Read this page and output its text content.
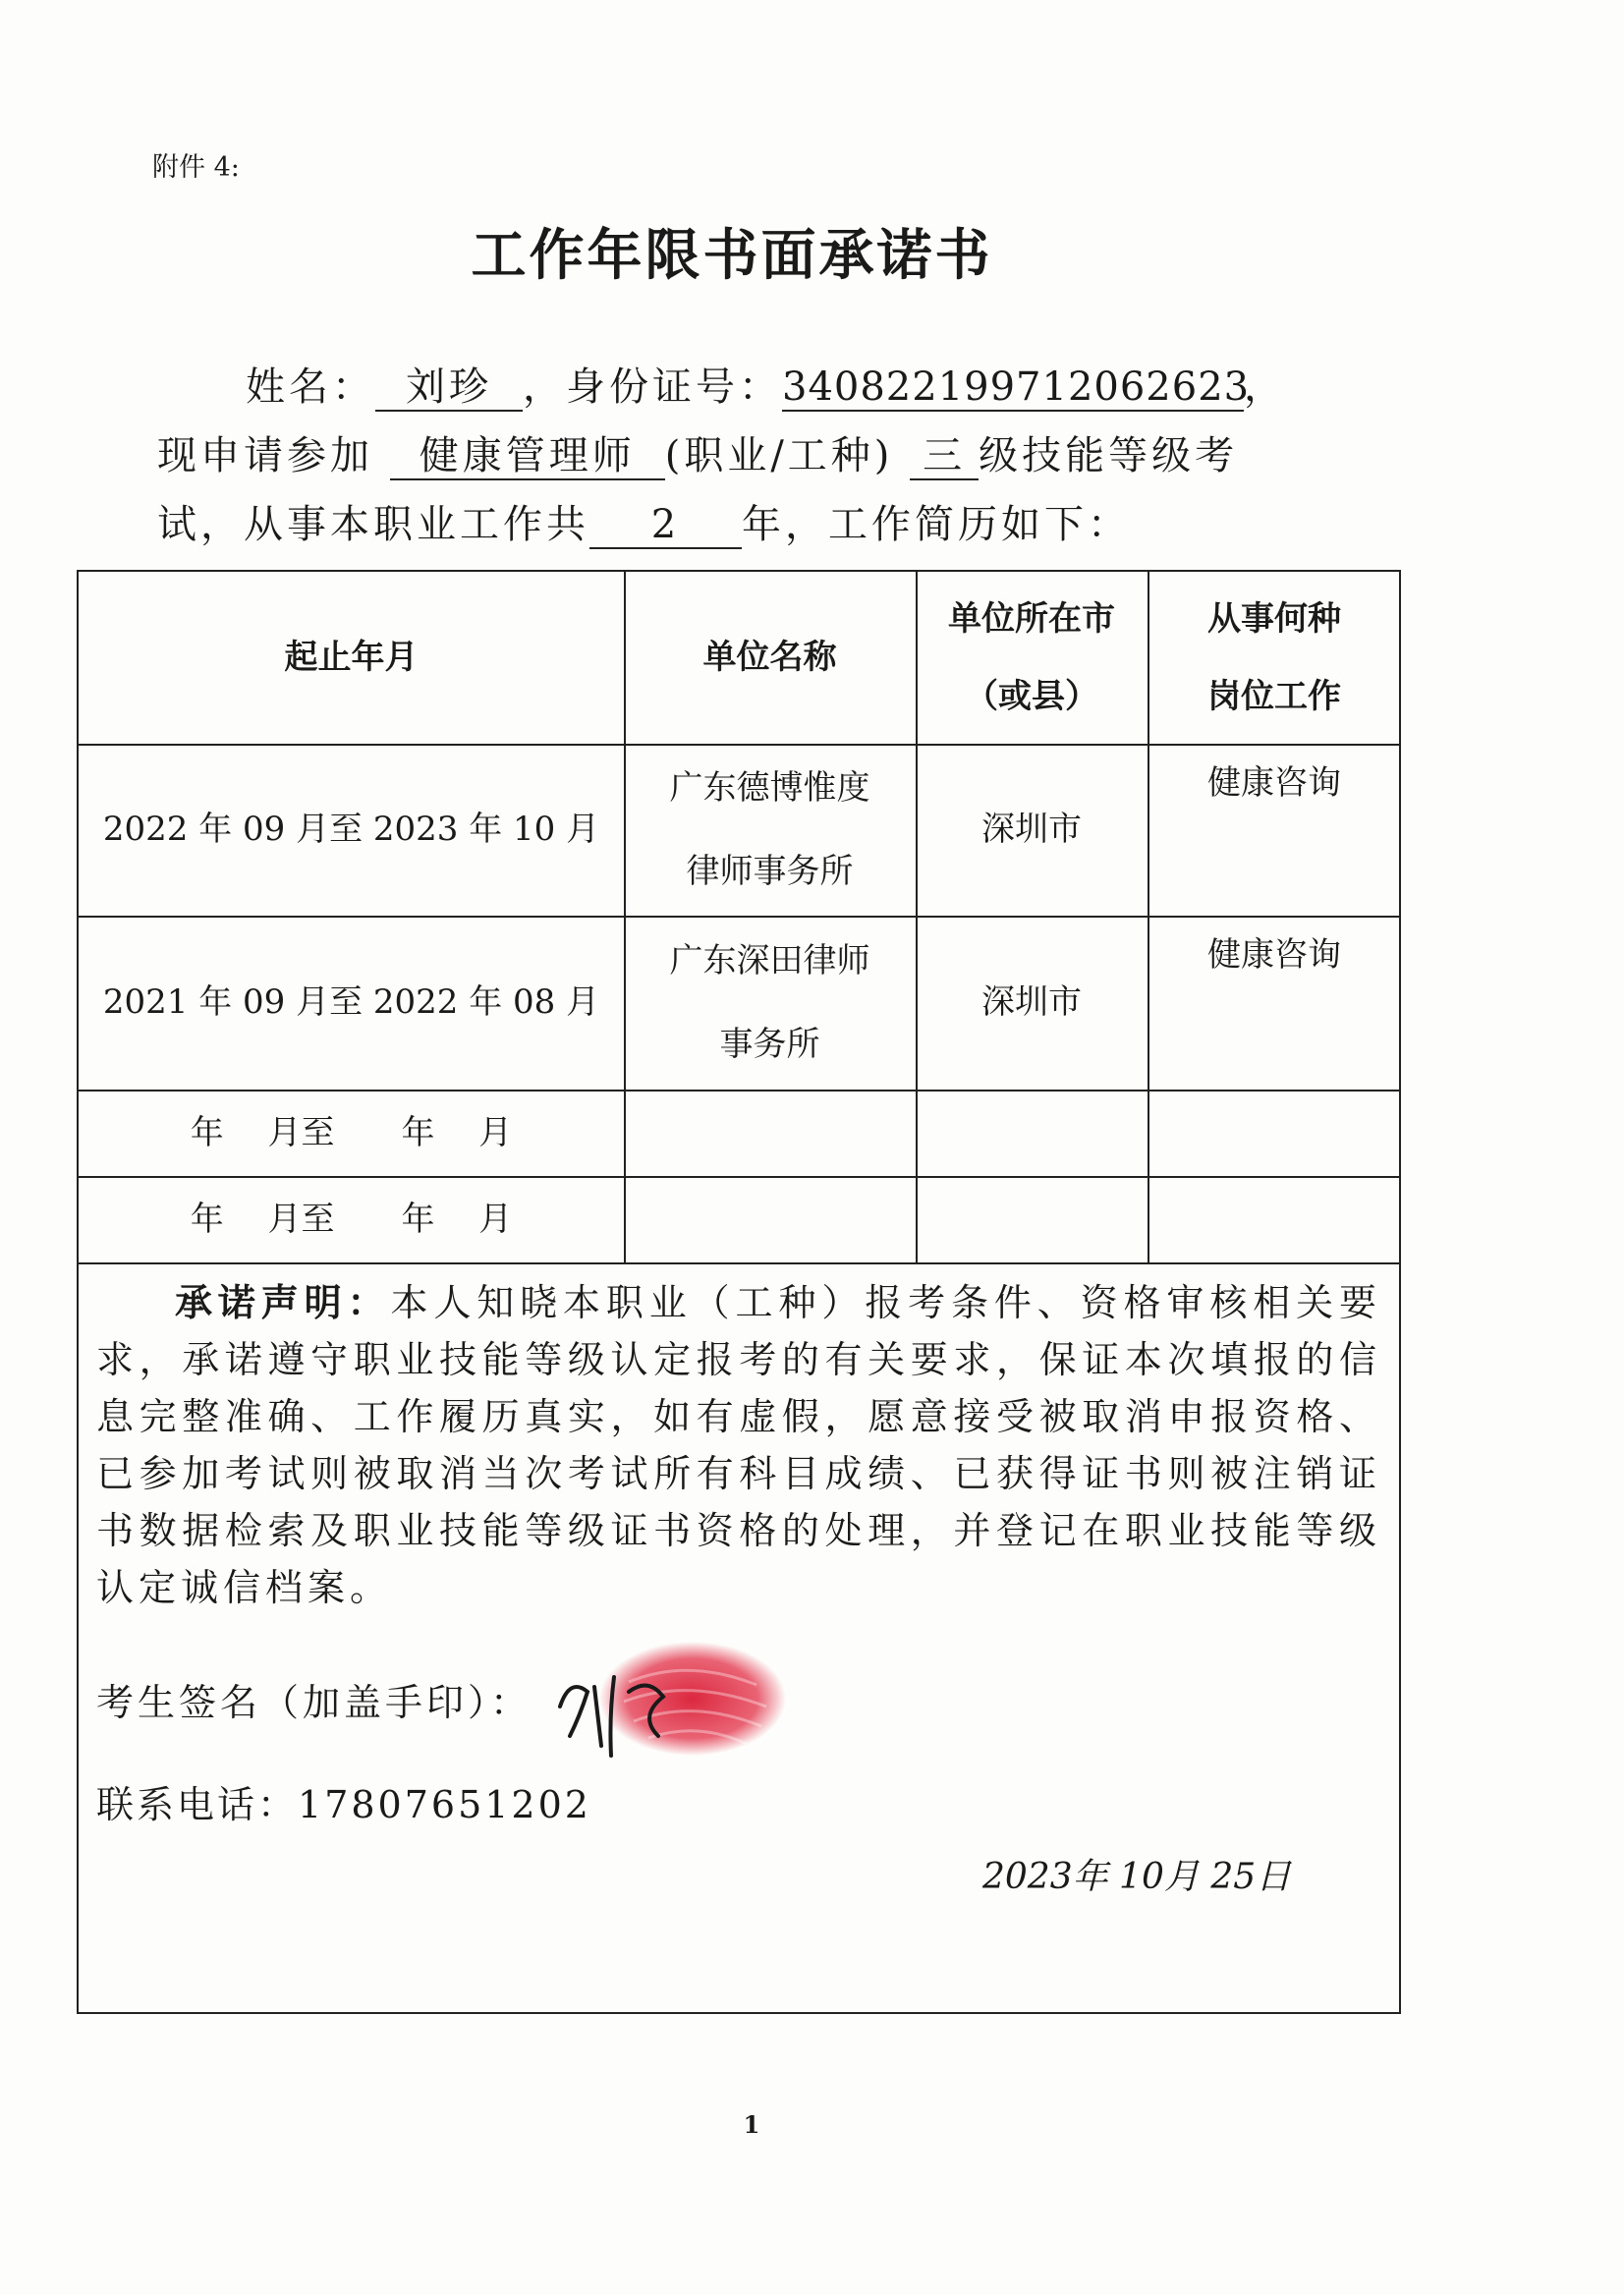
附件 4:
工作年限书面承诺书
姓名： 刘珍 ，身份证号：340822199712062623，
现申请参加 健康管理师 (职业/工种) 三 级技能等级考
试，从事本职业工作共 2 年，工作简历如下：
起止年月	单位名称
单位所在市
（或县）
从事何种
岗位工作
2022 年 09 月至 2023 年 10 月
广东德博惟度
律师事务所
深圳市
健康咨询
2021 年 09 月至 2022 年 08 月
广东深田律师
事务所
深圳市
健康咨询
年　 月至　　年　 月
年　 月至　　年　 月
承诺声明：本人知晓本职业（工种）报考条件、资格审核相关要求，承诺遵守职业技能等级认定报考的有关要求，保证本次填报的信息完整准确、工作履历真实，如有虚假，愿意接受被取消申报资格、已参加考试则被取消当次考试所有科目成绩、已获得证书则被注销证书数据检索及职业技能等级证书资格的处理，并登记在职业技能等级认定诚信档案。
考生签名（加盖手印）：
联系电话：17807651202
2023年 10月 25日
1
